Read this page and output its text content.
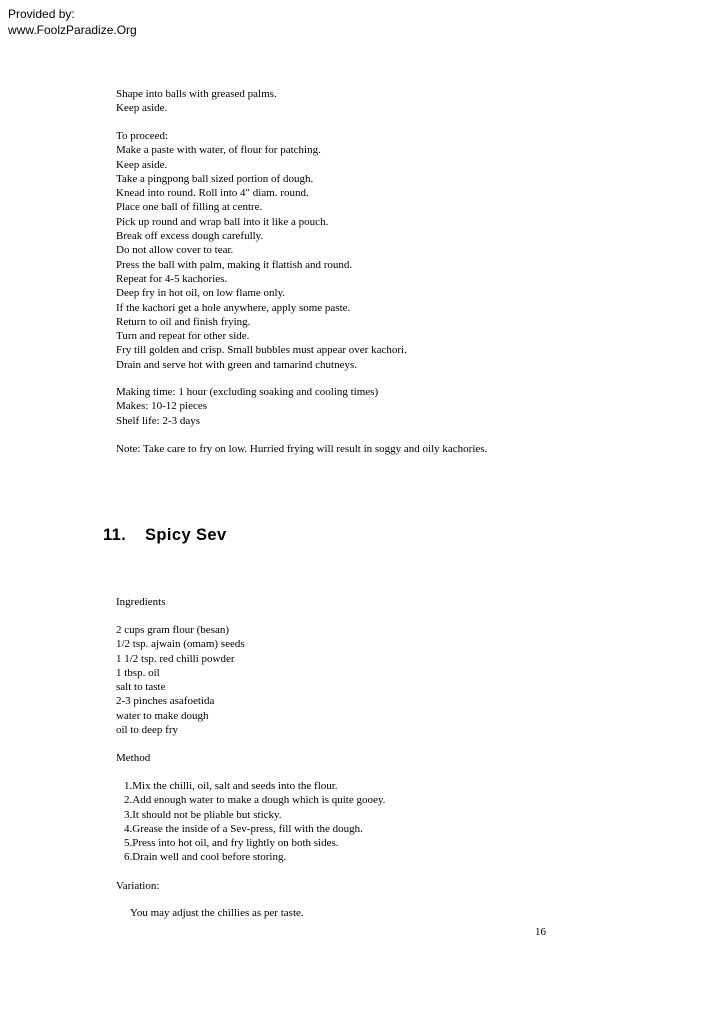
Provided by:
www.FoolzParadize.Org
Shape into balls with greased palms.
Keep aside.
To proceed:
Make a paste with water, of flour for patching.
Keep aside.
Take a pingpong ball sized portion of dough.
Knead into round. Roll into 4" diam. round.
Place one ball of filling at centre.
Pick up round and wrap ball into it like a pouch.
Break off excess dough carefully.
Do not allow cover to tear.
Press the ball with palm, making it flattish and round.
Repeat for 4-5 kachories.
Deep fry in hot oil, on low flame only.
If the kachori get a hole anywhere, apply some paste.
Return to oil and finish frying.
Turn and repeat for other side.
Fry till golden and crisp. Small bubbles must appear over kachori.
Drain and serve hot with green and tamarind chutneys.
Making time: 1 hour (excluding soaking and cooling times)
Makes: 10-12 pieces
Shelf life: 2-3 days
Note: Take care to fry on low. Hurried frying will result in soggy and oily kachories.
11. Spicy Sev
Ingredients
2 cups gram flour (besan)
1/2 tsp. ajwain (omam) seeds
1 1/2 tsp. red chilli powder
1 tbsp. oil
salt to taste
2-3 pinches asafoetida
water to make dough
oil to deep fry
Method
1.Mix the chilli, oil, salt and seeds into the flour.
2.Add enough water to make a dough which is quite gooey.
3.It should not be pliable but sticky.
4.Grease the inside of a Sev-press, fill with the dough.
5.Press into hot oil, and fry lightly on both sides.
6.Drain well and cool before storing.
Variation:
You may adjust the chillies as per taste.
16
